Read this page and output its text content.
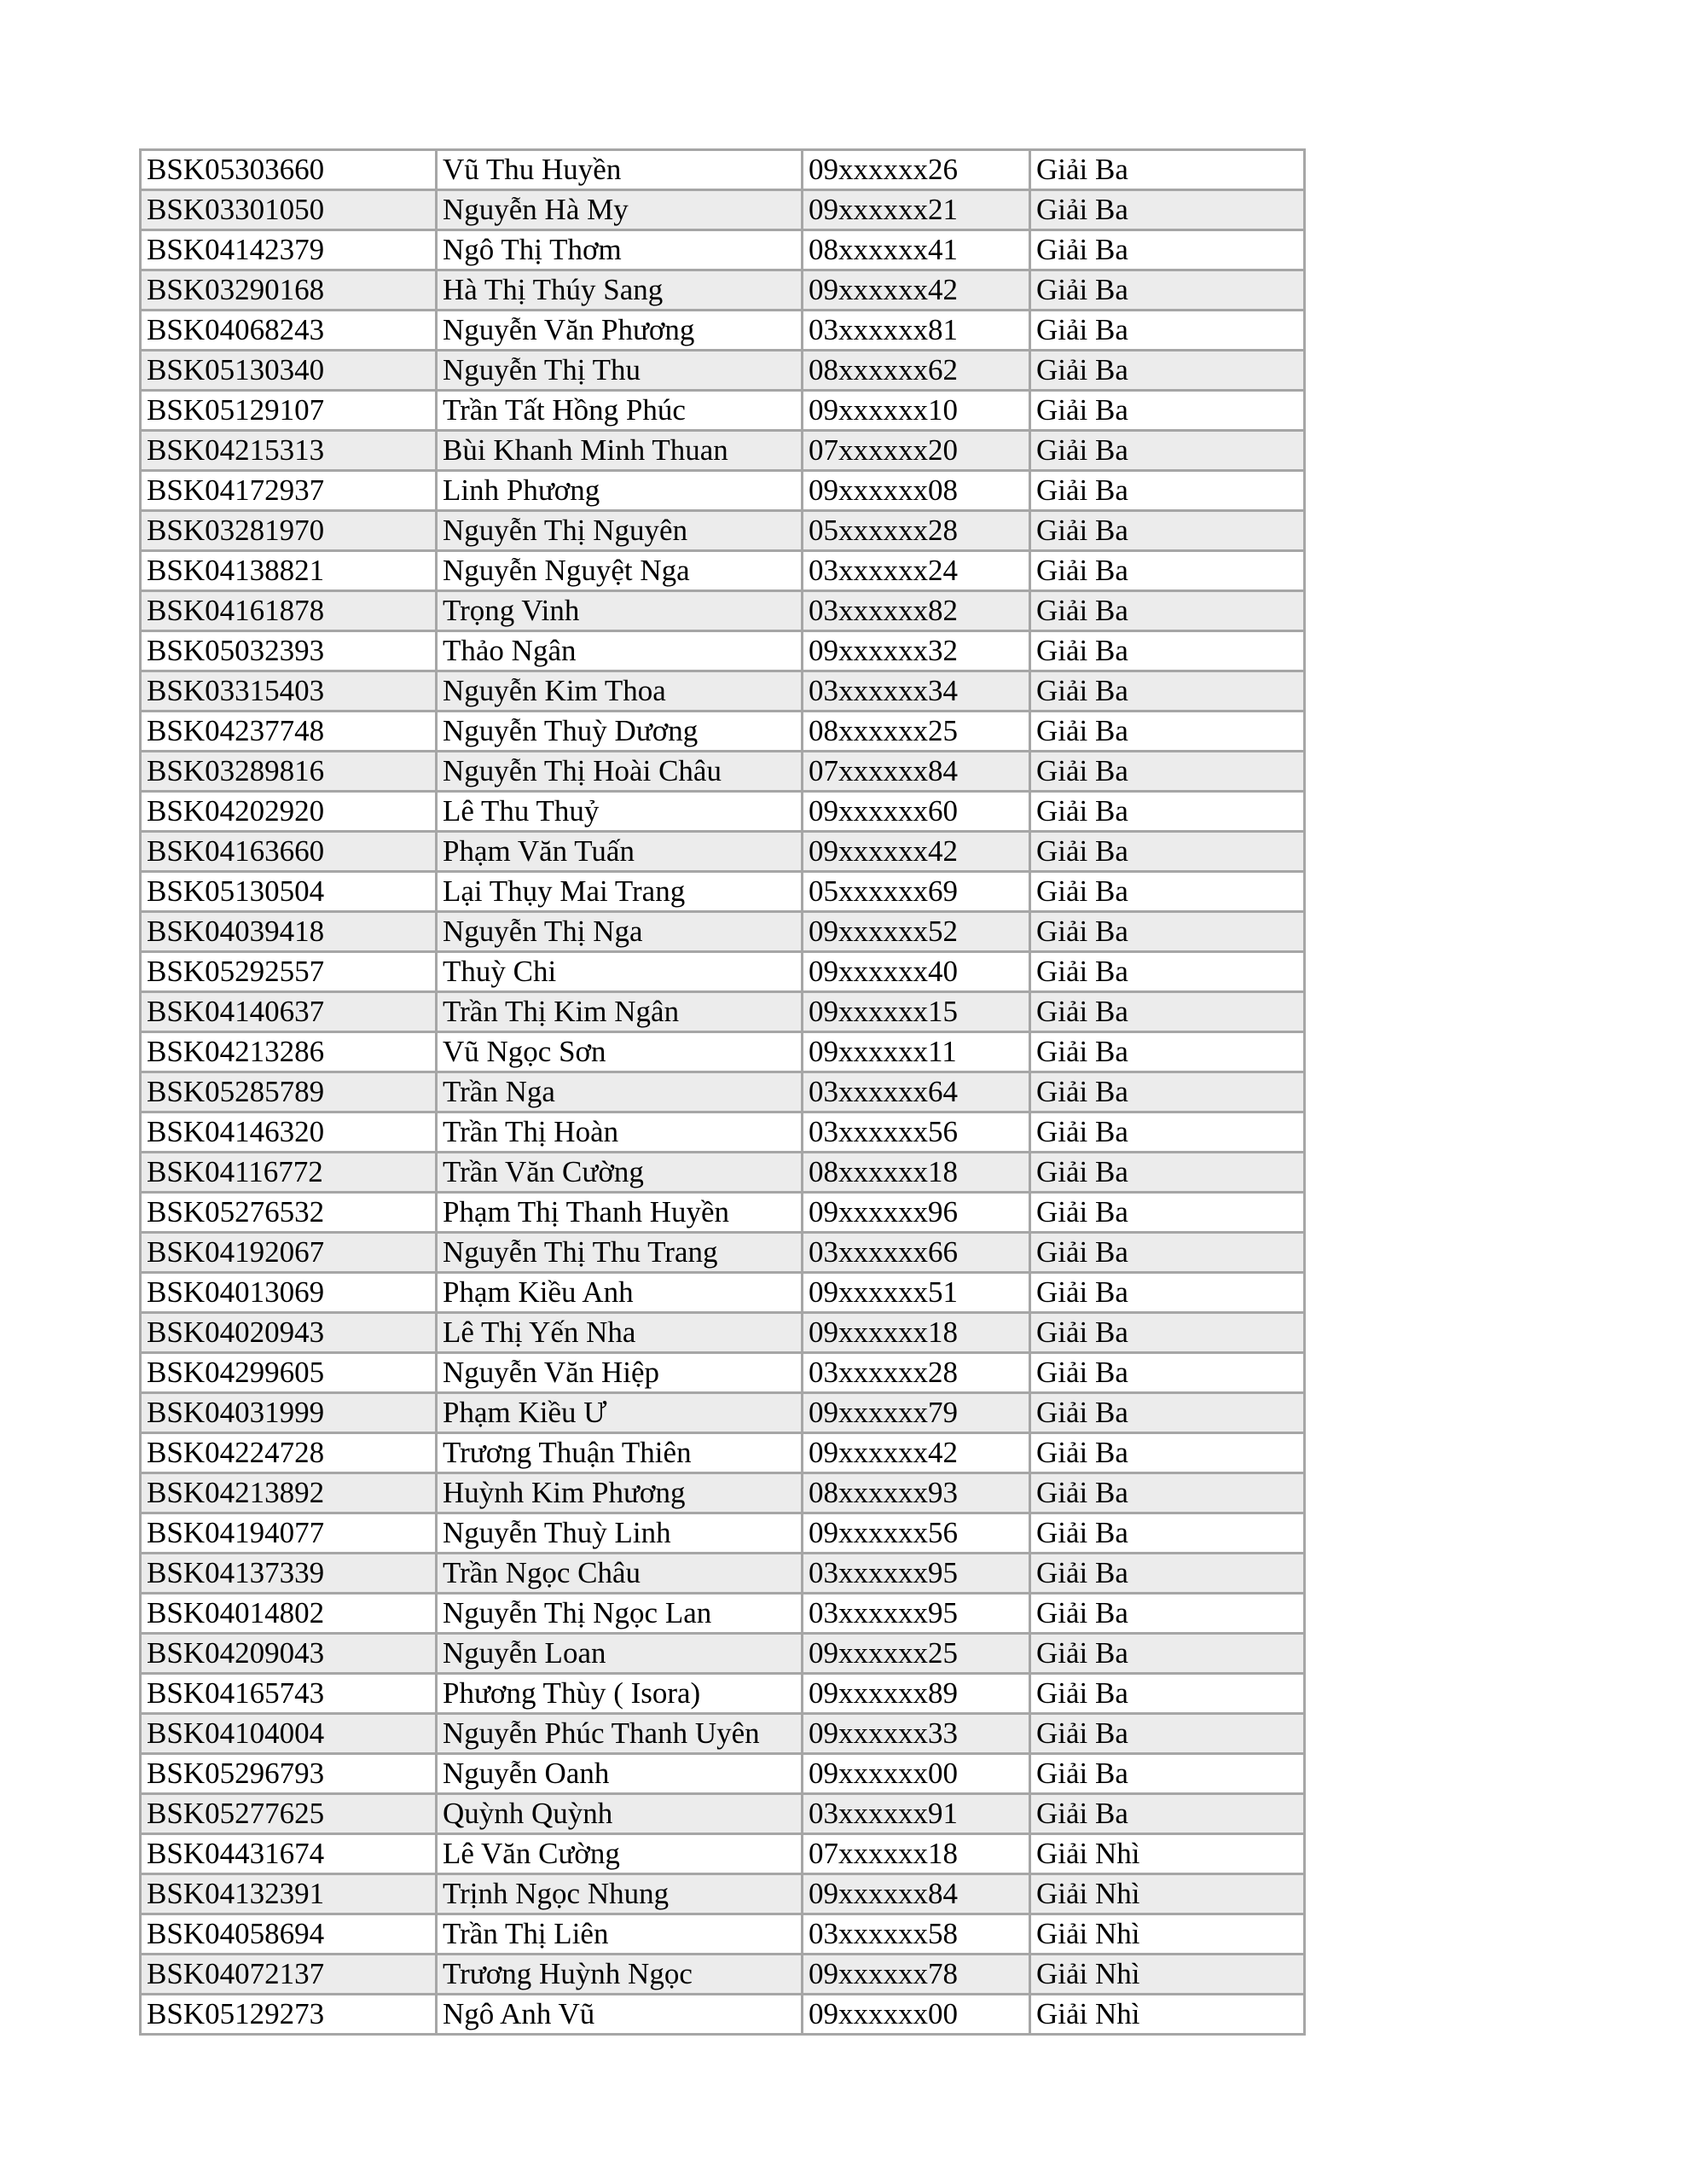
BSK05303660	Vũ Thu Huyền	09xxxxxx26	Giải Ba
BSK03301050	Nguyễn Hà My	09xxxxxx21	Giải Ba
BSK04142379	Ngô Thị Thơm	08xxxxxx41	Giải Ba
BSK03290168	Hà Thị Thúy Sang	09xxxxxx42	Giải Ba
BSK04068243	Nguyễn Văn Phương	03xxxxxx81	Giải Ba
BSK05130340	Nguyễn Thị Thu	08xxxxxx62	Giải Ba
BSK05129107	Trần Tất Hồng Phúc	09xxxxxx10	Giải Ba
BSK04215313	Bùi Khanh Minh Thuan	07xxxxxx20	Giải Ba
BSK04172937	Linh Phương	09xxxxxx08	Giải Ba
BSK03281970	Nguyễn Thị Nguyên	05xxxxxx28	Giải Ba
BSK04138821	Nguyễn Nguyệt Nga	03xxxxxx24	Giải Ba
BSK04161878	Trọng Vinh	03xxxxxx82	Giải Ba
BSK05032393	Thảo Ngân	09xxxxxx32	Giải Ba
BSK03315403	Nguyễn Kim Thoa	03xxxxxx34	Giải Ba
BSK04237748	Nguyễn Thuỳ Dương	08xxxxxx25	Giải Ba
BSK03289816	Nguyễn Thị Hoài Châu	07xxxxxx84	Giải Ba
BSK04202920	Lê Thu Thuỷ	09xxxxxx60	Giải Ba
BSK04163660	Phạm Văn Tuấn	09xxxxxx42	Giải Ba
BSK05130504	Lại Thụy Mai Trang	05xxxxxx69	Giải Ba
BSK04039418	Nguyễn Thị Nga	09xxxxxx52	Giải Ba
BSK05292557	Thuỳ Chi	09xxxxxx40	Giải Ba
BSK04140637	Trần Thị Kim Ngân	09xxxxxx15	Giải Ba
BSK04213286	Vũ Ngọc Sơn	09xxxxxx11	Giải Ba
BSK05285789	Trần Nga	03xxxxxx64	Giải Ba
BSK04146320	Trần Thị Hoàn	03xxxxxx56	Giải Ba
BSK04116772	Trần Văn Cường	08xxxxxx18	Giải Ba
BSK05276532	Phạm Thị Thanh Huyền	09xxxxxx96	Giải Ba
BSK04192067	Nguyễn Thị Thu Trang	03xxxxxx66	Giải Ba
BSK04013069	Phạm Kiều Anh	09xxxxxx51	Giải Ba
BSK04020943	Lê Thị Yến Nha	09xxxxxx18	Giải Ba
BSK04299605	Nguyễn Văn Hiệp	03xxxxxx28	Giải Ba
BSK04031999	Phạm Kiều Ư	09xxxxxx79	Giải Ba
BSK04224728	Trương Thuận Thiên	09xxxxxx42	Giải Ba
BSK04213892	Huỳnh Kim Phương	08xxxxxx93	Giải Ba
BSK04194077	Nguyễn Thuỳ Linh	09xxxxxx56	Giải Ba
BSK04137339	Trần Ngọc Châu	03xxxxxx95	Giải Ba
BSK04014802	Nguyễn Thị Ngọc Lan	03xxxxxx95	Giải Ba
BSK04209043	Nguyễn Loan	09xxxxxx25	Giải Ba
BSK04165743	Phương Thùy ( Isora)	09xxxxxx89	Giải Ba
BSK04104004	Nguyễn Phúc Thanh Uyên	09xxxxxx33	Giải Ba
BSK05296793	Nguyễn Oanh	09xxxxxx00	Giải Ba
BSK05277625	Quỳnh Quỳnh	03xxxxxx91	Giải Ba
BSK04431674	Lê Văn Cường	07xxxxxx18	Giải Nhì
BSK04132391	Trịnh Ngọc Nhung	09xxxxxx84	Giải Nhì
BSK04058694	Trần Thị Liên	03xxxxxx58	Giải Nhì
BSK04072137	Trương Huỳnh Ngọc	09xxxxxx78	Giải Nhì
BSK05129273	Ngô Anh Vũ	09xxxxxx00	Giải Nhì
